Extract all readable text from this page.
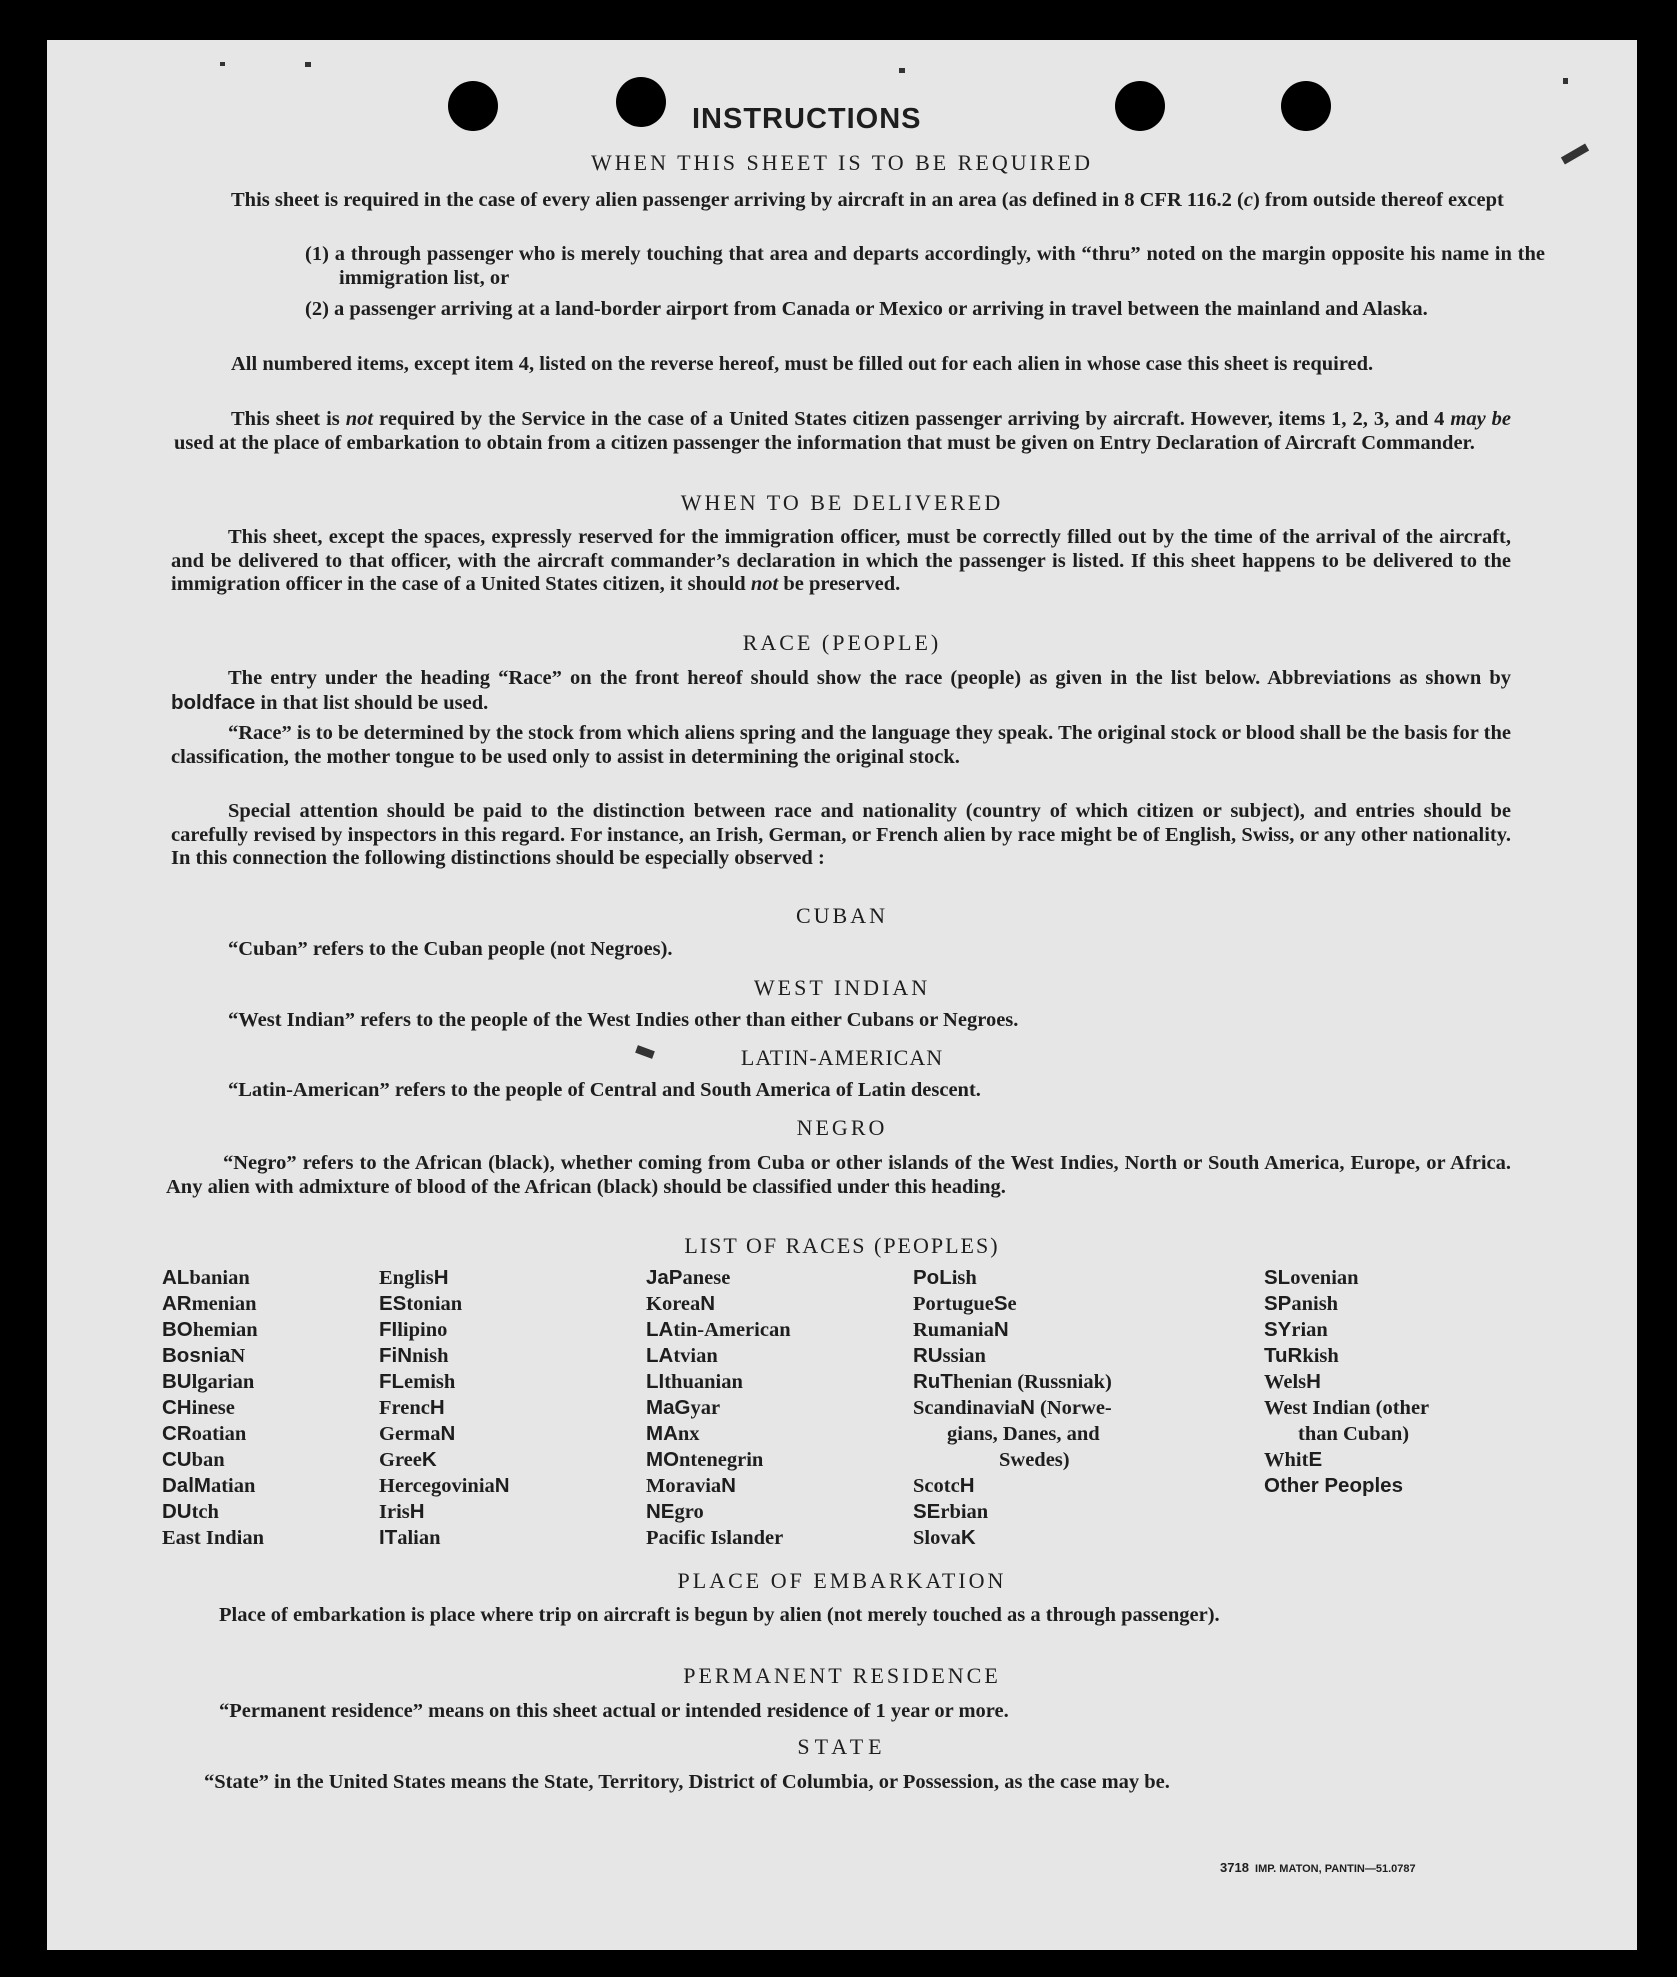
INSTRUCTIONS
WHEN THIS SHEET IS TO BE REQUIRED
This sheet is required in the case of every alien passenger arriving by aircraft in an area (as defined in 8 CFR 116.2 (c) from outside thereof except
(1) a through passenger who is merely touching that area and departs accordingly, with “thru” noted on the margin opposite his name in the immigration list, or
(2) a passenger arriving at a land-border airport from Canada or Mexico or arriving in travel between the mainland and Alaska.
All numbered items, except item 4, listed on the reverse hereof, must be filled out for each alien in whose case this sheet is required.
This sheet is not required by the Service in the case of a United States citizen passenger arriving by aircraft. However, items 1, 2, 3, and 4 may be used at the place of embarkation to obtain from a citizen passenger the information that must be given on Entry Declaration of Aircraft Commander.
WHEN TO BE DELIVERED
This sheet, except the spaces, expressly reserved for the immigration officer, must be correctly filled out by the time of the arrival of the aircraft, and be delivered to that officer, with the aircraft commander’s declaration in which the passenger is listed. If this sheet happens to be delivered to the immigration officer in the case of a United States citizen, it should not be preserved.
RACE (PEOPLE)
The entry under the heading “Race” on the front hereof should show the race (people) as given in the list below. Abbreviations as shown by boldface in that list should be used.
“Race” is to be determined by the stock from which aliens spring and the language they speak. The original stock or blood shall be the basis for the classification, the mother tongue to be used only to assist in determining the original stock.
Special attention should be paid to the distinction between race and nationality (country of which citizen or subject), and entries should be carefully revised by inspectors in this regard. For instance, an Irish, German, or French alien by race might be of English, Swiss, or any other nationality. In this connection the following distinctions should be especially observed :
CUBAN
“Cuban” refers to the Cuban people (not Negroes).
WEST INDIAN
“West Indian” refers to the people of the West Indies other than either Cubans or Negroes.
LATIN-AMERICAN
“Latin-American” refers to the people of Central and South America of Latin descent.
NEGRO
“Negro” refers to the African (black), whether coming from Cuba or other islands of the West Indies, North or South America, Europe, or Africa. Any alien with admixture of blood of the African (black) should be classified under this heading.
LIST OF RACES (PEOPLES)
ALbanian
ARmenian
BOhemian
BosniaN
BUlgarian
CHinese
CRoatian
CUban
DalMatian
DUtch
East Indian
EnglisH
EStonian
FIlipino
FiNnish
FLemish
FrencH
GermaN
GreeK
HercegoviniaN
IrisH
ITalian
JaPanese
KoreaN
LAtin-American
LAtvian
LIthuanian
MaGyar
MAnx
MOntenegrin
MoraviaN
NEgro
Pacific Islander
PoLish
PortugueSe
RumaniaN
RUssian
RuThenian (Russniak)
ScandinaviaN (Norwe-
gians, Danes, and
Swedes)
ScotcH
SErbian
SlovaK
SLovenian
SPanish
SYrian
TuRkish
WelsH
West Indian (other
than Cuban)
WhitE
Other Peoples
PLACE OF EMBARKATION
Place of embarkation is place where trip on aircraft is begun by alien (not merely touched as a through passenger).
PERMANENT RESIDENCE
“Permanent residence” means on this sheet actual or intended residence of 1 year or more.
STATE
“State” in the United States means the State, Territory, District of Columbia, or Possession, as the case may be.
3718 IMP. MATON, PANTIN—51.0787
